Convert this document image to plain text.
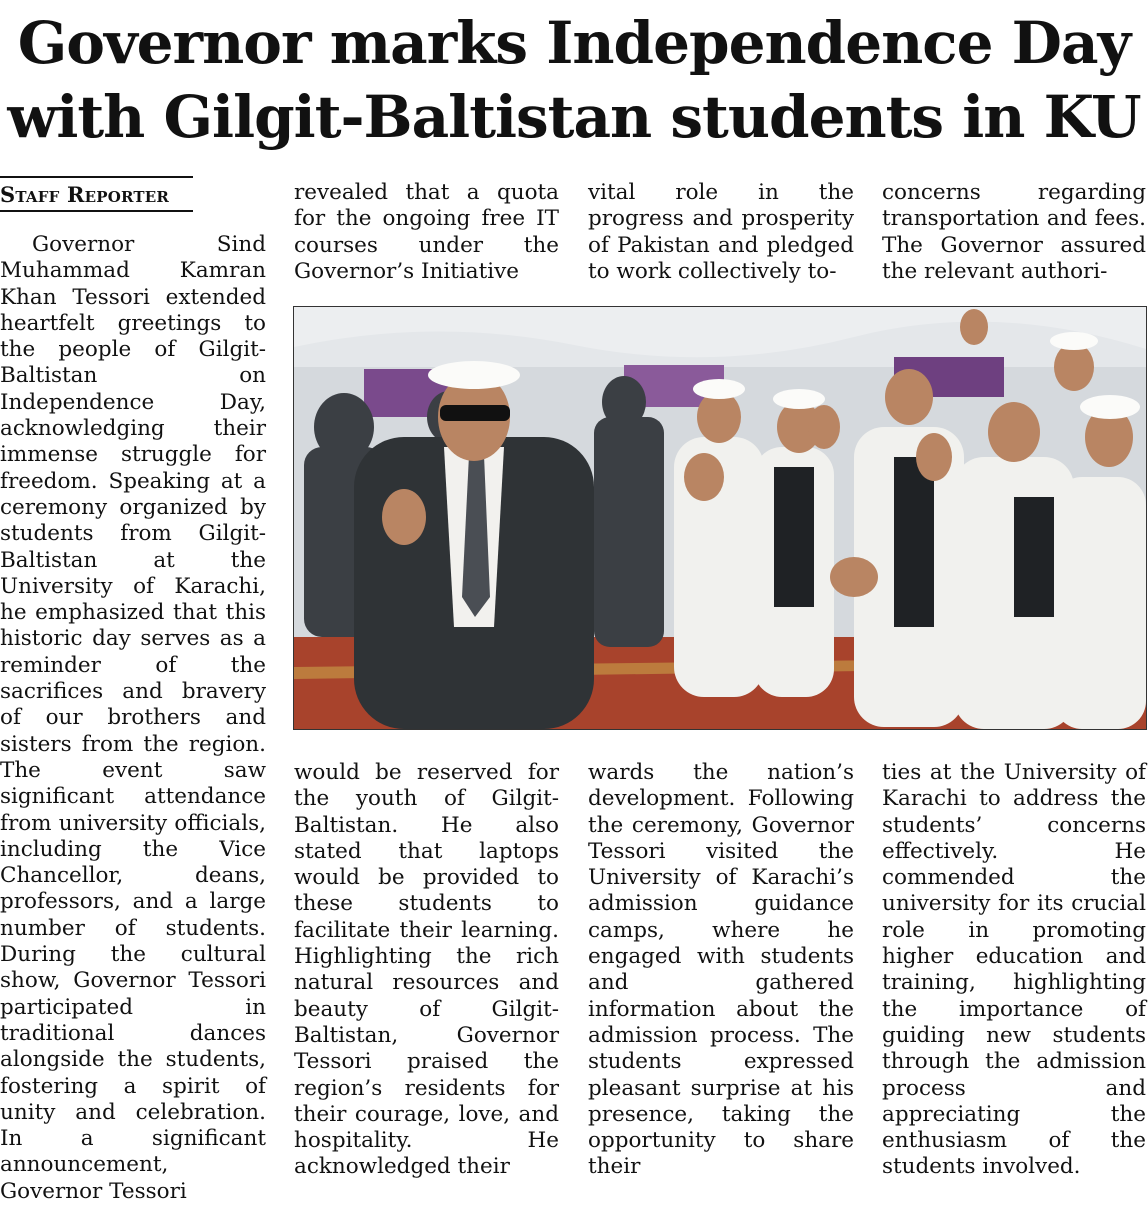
Governor marks Independence Day
with Gilgit-Baltistan students in KU
Staff Reporter

Governor Sind Muhammad Kamran Khan Tessori extended heartfelt greetings to the people of Gilgit-Baltistan on Independence Day, acknowledging their immense struggle for freedom. Speaking at a ceremony organized by students from Gilgit-Baltistan at the University of Karachi, he emphasized that this historic day serves as a reminder of the sacrifices and bravery of our brothers and sisters from the region. The event saw significant attendance from university officials, including the Vice Chancellor, deans, professors, and a large number of students. During the cultural show, Governor Tessori participated in traditional dances alongside the students, fostering a spirit of unity and celebration. In a significant announcement, Governor Tessori

revealed that a quota for the ongoing free IT courses under the Governor’s Initiative

vital role in the progress and prosperity of Pakistan and pledged to work collectively to-

concerns regarding transportation and fees. The Governor assured the relevant authori-

would be reserved for the youth of Gilgit-Baltistan. He also stated that laptops would be provided to these students to facilitate their learning. Highlighting the rich natural resources and beauty of Gilgit-Baltistan, Governor Tessori praised the region’s residents for their courage, love, and hospitality. He acknowledged their

wards the nation’s development. Following the ceremony, Governor Tessori visited the University of Karachi’s admission guidance camps, where he engaged with students and gathered information about the admission process. The students expressed pleasant surprise at his presence, taking the opportunity to share their

ties at the University of Karachi to address the students’ concerns effectively. He commended the university for its crucial role in promoting higher education and training, highlighting the importance of guiding new students through the admission process and appreciating the enthusiasm of the students involved.
